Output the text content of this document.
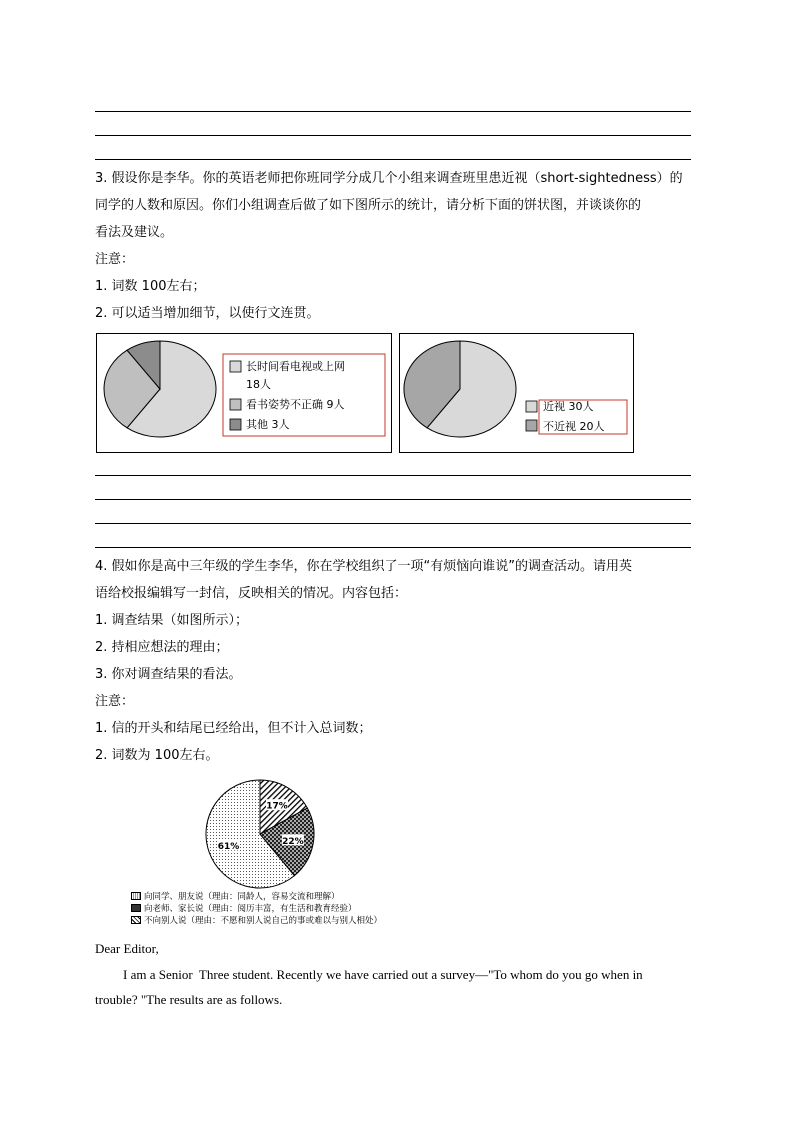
3. 假设你是李华。你的英语老师把你班同学分成几个小组来调查班里患近视（short-sightedness）的
同学的人数和原因。你们小组调查后做了如下图所示的统计，请分析下面的饼状图，并谈谈你的
看法及建议。
注意：
1. 词数 100左右；
2. 可以适当增加细节，以使行文连贯。
长时间看电视或上网
18人
看书姿势不正确 9人
其他 3人
近视 30人
不近视 20人
4. 假如你是高中三年级的学生李华，你在学校组织了一项“有烦恼向谁说”的调查活动。请用英
语给校报编辑写一封信，反映相关的情况。内容包括：
1. 调查结果（如图所示）；
2. 持相应想法的理由；
3. 你对调查结果的看法。
注意：
1. 信的开头和结尾已经给出，但不计入总词数；
2. 词数为 100左右。
61%	22%
17%
向同学、朋友说（理由：同龄人，容易交流和理解）
向老师、家长说（理由：阅历丰富，有生活和教育经验）
不向别人说（理由：不愿和别人说自己的事或难以与别人相处）
Dear Editor,
I am a Senior  Three student. Recently we have carried out a survey—"To whom do you go when in
trouble? "The results are as follows.
